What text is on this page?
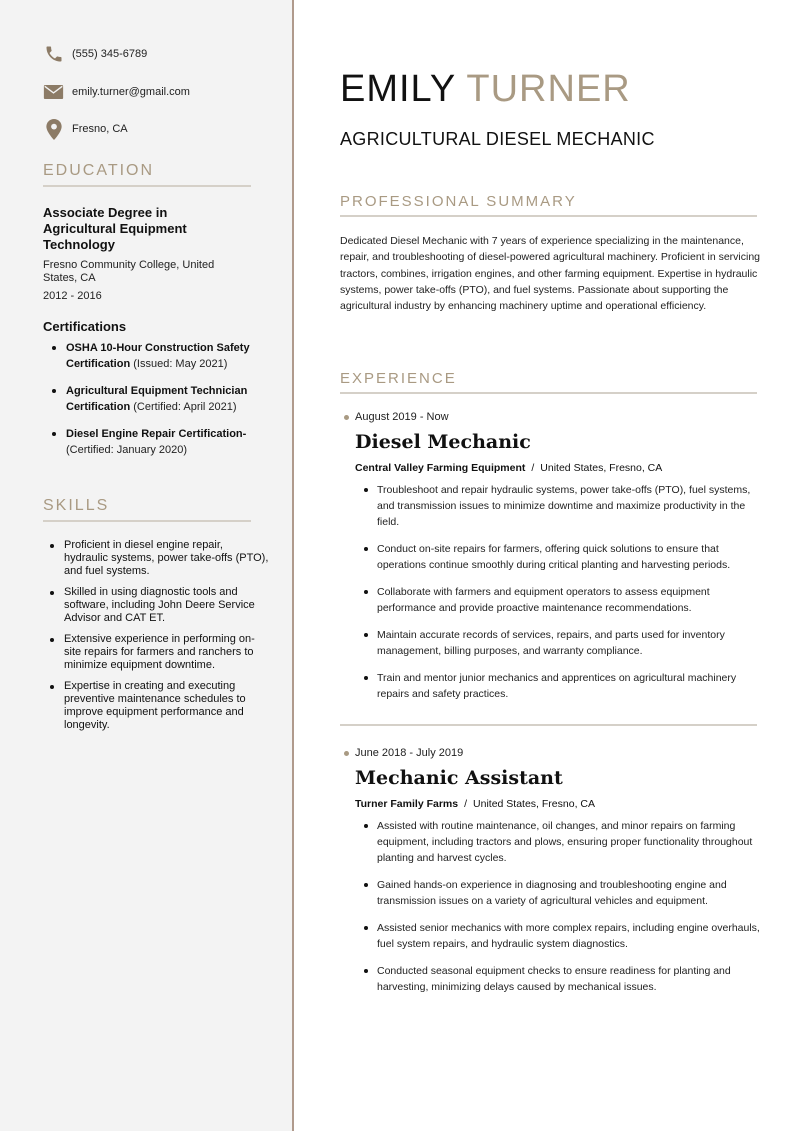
(555) 345-6789
emily.turner@gmail.com
Fresno, CA
EDUCATION
Associate Degree in Agricultural Equipment Technology
Fresno Community College, United States, CA
2012 - 2016
Certifications
OSHA 10-Hour Construction Safety Certification (Issued: May 2021)
Agricultural Equipment Technician Certification (Certified: April 2021)
Diesel Engine Repair Certification- (Certified: January 2020)
SKILLS
Proficient in diesel engine repair, hydraulic systems, power take-offs (PTO), and fuel systems.
Skilled in using diagnostic tools and software, including John Deere Service Advisor and CAT ET.
Extensive experience in performing on-site repairs for farmers and ranchers to minimize equipment downtime.
Expertise in creating and executing preventive maintenance schedules to improve equipment performance and longevity.
EMILY TURNER
AGRICULTURAL DIESEL MECHANIC
PROFESSIONAL SUMMARY
Dedicated Diesel Mechanic with 7 years of experience specializing in the maintenance, repair, and troubleshooting of diesel-powered agricultural machinery. Proficient in servicing tractors, combines, irrigation engines, and other farming equipment. Expertise in hydraulic systems, power take-offs (PTO), and fuel systems. Passionate about supporting the agricultural industry by enhancing machinery uptime and operational efficiency.
EXPERIENCE
August 2019 - Now
Diesel Mechanic
Central Valley Farming Equipment / United States, Fresno, CA
Troubleshoot and repair hydraulic systems, power take-offs (PTO), fuel systems, and transmission issues to minimize downtime and maximize productivity in the field.
Conduct on-site repairs for farmers, offering quick solutions to ensure that operations continue smoothly during critical planting and harvesting periods.
Collaborate with farmers and equipment operators to assess equipment performance and provide proactive maintenance recommendations.
Maintain accurate records of services, repairs, and parts used for inventory management, billing purposes, and warranty compliance.
Train and mentor junior mechanics and apprentices on agricultural machinery repairs and safety practices.
June 2018 - July 2019
Mechanic Assistant
Turner Family Farms / United States, Fresno, CA
Assisted with routine maintenance, oil changes, and minor repairs on farming equipment, including tractors and plows, ensuring proper functionality throughout planting and harvest cycles.
Gained hands-on experience in diagnosing and troubleshooting engine and transmission issues on a variety of agricultural vehicles and equipment.
Assisted senior mechanics with more complex repairs, including engine overhauls, fuel system repairs, and hydraulic system diagnostics.
Conducted seasonal equipment checks to ensure readiness for planting and harvesting, minimizing delays caused by mechanical issues.
